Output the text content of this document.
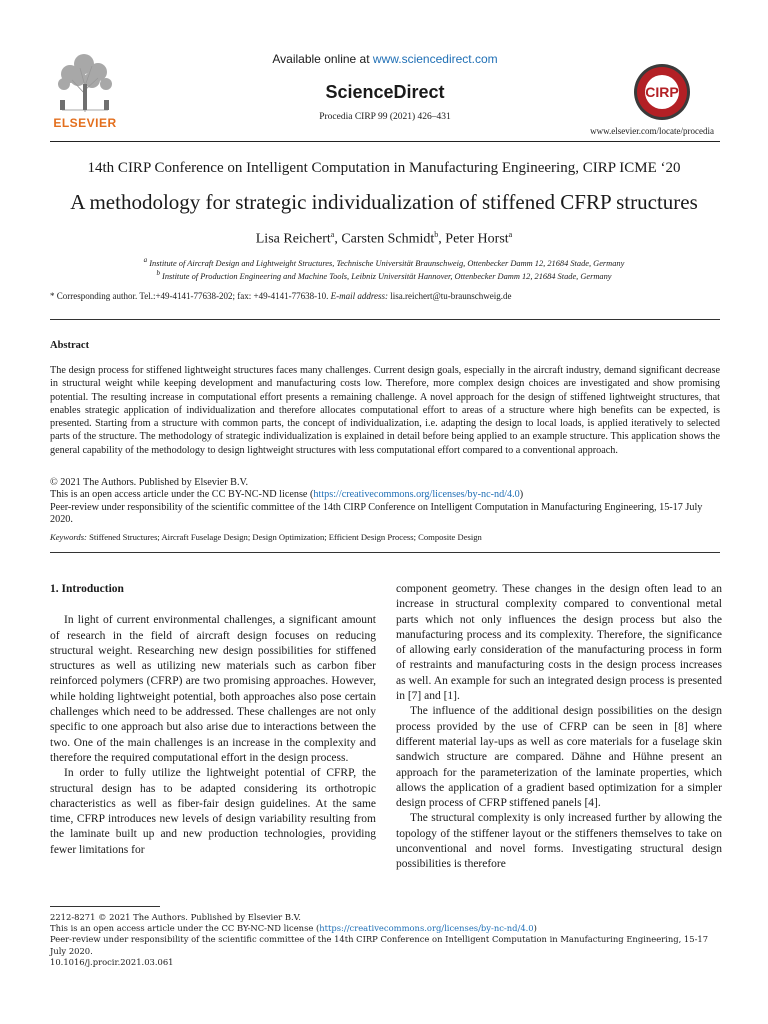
ELSEVIER
Available online at www.sciencedirect.com
ScienceDirect
Procedia CIRP 99 (2021) 426–431
CIRP
www.elsevier.com/locate/procedia
14th CIRP Conference on Intelligent Computation in Manufacturing Engineering, CIRP ICME ‘20
A methodology for strategic individualization of stiffened CFRP structures
Lisa Reichert$^a$, Carsten Schmidt$^b$, Peter Horst$^a$
$^a$ Institute of Aircraft Design and Lightweight Structures, Technische Universität Braunschweig, Ottenbecker Damm 12, 21684 Stade, Germany
$^b$ Institute of Production Engineering and Machine Tools, Leibniz Universität Hannover, Ottenbecker Damm 12, 21684 Stade, Germany
* Corresponding author. Tel.:+49-4141-77638-202; fax: +49-4141-77638-10. E-mail address: lisa.reichert@tu-braunschweig.de
Abstract
The design process for stiffened lightweight structures faces many challenges. Current design goals, especially in the aircraft industry, demand significant decrease in structural weight while keeping development and manufacturing costs low. Therefore, more complex design choices are investigated and show promising potential. The resulting increase in computational effort presents a remaining challenge. A novel approach for the design of stiffened lightweight structures, that enables strategic application of individualization and therefore allocates computational effort to areas of a structure where high benefits can be expected, is presented. Starting from a structure with common parts, the concept of individualization, i.e. adapting the design to local loads, is applied iteratively to selected parts of the structure. The methodology of strategic individualization is explained in detail before being applied to an example structure. This application shows the general capability of the methodology to design lightweight structures with less computational effort compared to a conventional approach.
© 2021 The Authors. Published by Elsevier B.V.
This is an open access article under the CC BY-NC-ND license (https://creativecommons.org/licenses/by-nc-nd/4.0)
Peer-review under responsibility of the scientific committee of the 14th CIRP Conference on Intelligent Computation in Manufacturing Engineering, 15-17 July 2020.
Keywords: Stiffened Structures; Aircraft Fuselage Design; Design Optimization; Efficient Design Process; Composite Design
1. Introduction

In light of current environmental challenges, a significant amount of research in the field of aircraft design focuses on reducing structural weight. Researching new design possibilities for stiffened structures as well as utilizing new materials such as carbon fiber reinforced polymers (CFRP) are two promising approaches. However, while holding lightweight potential, both approaches also pose certain challenges which need to be addressed. These challenges are not only specific to one approach but also arise due to interactions between the two. One of the main challenges is an increase in the complexity and therefore the required computational effort in the design process.

In order to fully utilize the lightweight potential of CFRP, the structural design has to be adapted considering its orthotropic characteristics as well as fiber-fair design guidelines. At the same time, CFRP introduces new levels of design variability resulting from the laminate built up and new production technologies, providing fewer limitations for

component geometry. These changes in the design often lead to an increase in structural complexity compared to conventional metal parts which not only influences the design process but also the manufacturing process and its complexity. Therefore, the significance of allowing early consideration of the manufacturing process in form of restraints and manufacturing costs in the design process increases as well. An example for such an integrated design process is presented in [7] and [1].

The influence of the additional design possibilities on the design process provided by the use of CFRP can be seen in [8] where different material lay-ups as well as core materials for a fuselage skin sandwich structure are compared. Dähne and Hühne present an approach for the parameterization of the laminate properties, which allows the application of a gradient based optimization for a simpler design process of CFRP stiffened panels [4].

The structural complexity is only increased further by allowing the topology of the stiffener layout or the stiffeners themselves to take on unconventional and novel forms. Investigating structural design possibilities is therefore

2212-8271 © 2021 The Authors. Published by Elsevier B.V.
This is an open access article under the CC BY-NC-ND license (https://creativecommons.org/licenses/by-nc-nd/4.0)
Peer-review under responsibility of the scientific committee of the 14th CIRP Conference on Intelligent Computation in Manufacturing Engineering, 15-17 July 2020.
10.1016/j.procir.2021.03.061
